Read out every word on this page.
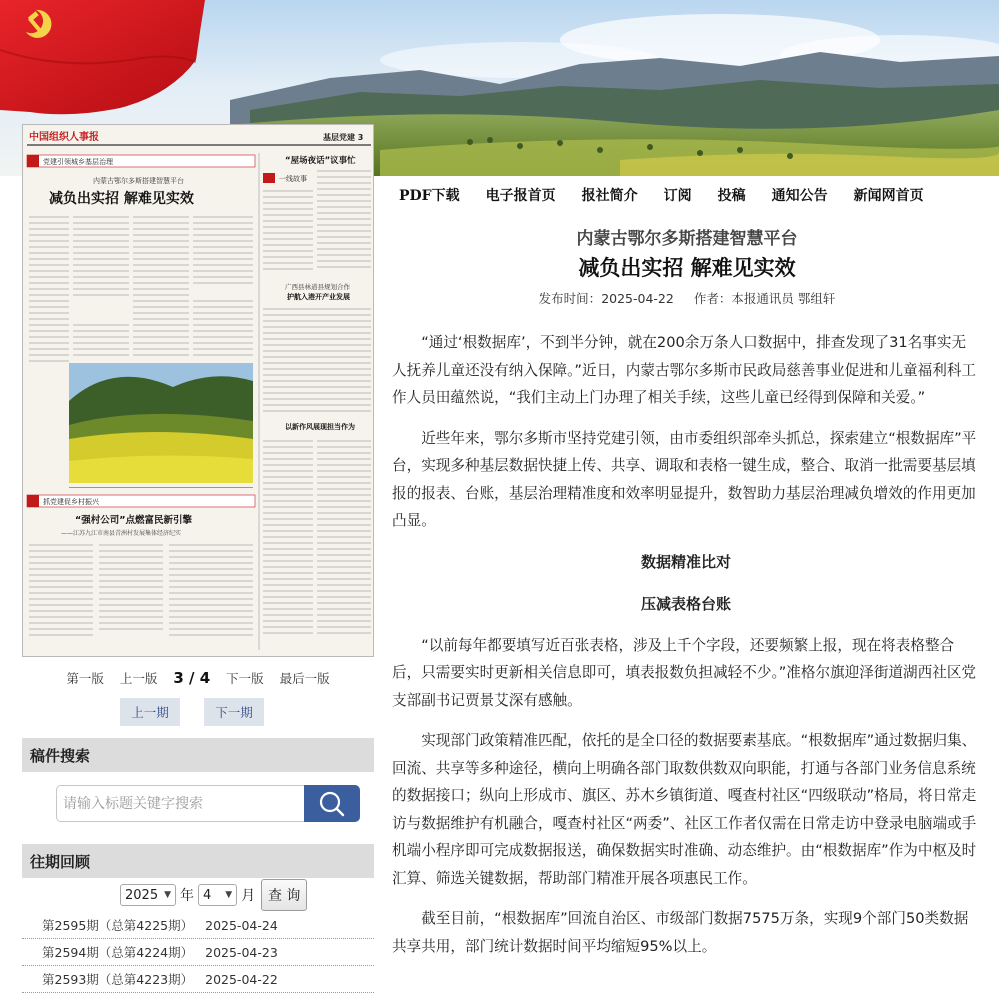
中国组织人事报	基层党建 3
党建引领城乡基层治理
内蒙古鄂尔多斯搭建智慧平台
减负出实招 解难见实效
“屋场夜话”议事忙
一线故事
广西县林道县规划合作
护航入港开产业发展
以新作风展现担当作为
抓党建促乡村振兴
“强村公司”点燃富民新引擎
——江苏九江市南县青洲村发展集体经济纪实
第一版 上一版 3 / 4 下一版 最后一版
上一期	下一期
稿件搜索
请输入标题关键字搜索
往期回顾
2025 ▼ 年 4	▼ 月 查 询
第2595期（总第4225期） 2025-04-24
第2594期（总第4224期） 2025-04-23
第2593期（总第4223期） 2025-04-22
PDF下载 电子报首页 报社简介 订阅 投稿 通知公告 新闻网首页
内蒙古鄂尔多斯搭建智慧平台
减负出实招 解难见实效
发布时间：2025-04-22 作者：本报通讯员 鄂组轩

“通过‘根数据库’，不到半分钟，就在200余万条人口数据中，排查发现了31名事实无人抚养儿童还没有纳入保障。”近日，内蒙古鄂尔多斯市民政局慈善事业促进和儿童福利科工作人员田蕴然说，“我们主动上门办理了相关手续，这些儿童已经得到保障和关爱。”

近些年来，鄂尔多斯市坚持党建引领，由市委组织部牵头抓总，探索建立“根数据库”平台，实现多种基层数据快捷上传、共享、调取和表格一键生成，整合、取消一批需要基层填报的报表、台账，基层治理精准度和效率明显提升，数智助力基层治理减负增效的作用更加凸显。

数据精准比对
压减表格台账

“以前每年都要填写近百张表格，涉及上千个字段，还要频繁上报，现在将表格整合后，只需要实时更新相关信息即可，填表报数负担减轻不少。”准格尔旗迎泽街道湖西社区党支部副书记贾景艾深有感触。

实现部门政策精准匹配，依托的是全口径的数据要素基底。“根数据库”通过数据归集、回流、共享等多种途径，横向上明确各部门取数供数双向职能，打通与各部门业务信息系统的数据接口；纵向上形成市、旗区、苏木乡镇街道、嘎查村社区“四级联动”格局，将日常走访与数据维护有机融合，嘎查村社区“两委”、社区工作者仅需在日常走访中登录电脑端或手机端小程序即可完成数据报送，确保数据实时准确、动态维护。由“根数据库”作为中枢及时汇算、筛选关键数据，帮助部门精准开展各项惠民工作。

截至目前，“根数据库”回流自治区、市级部门数据7575万条，实现9个部门50类数据共享共用，部门统计数据时间平均缩短95%以上。
